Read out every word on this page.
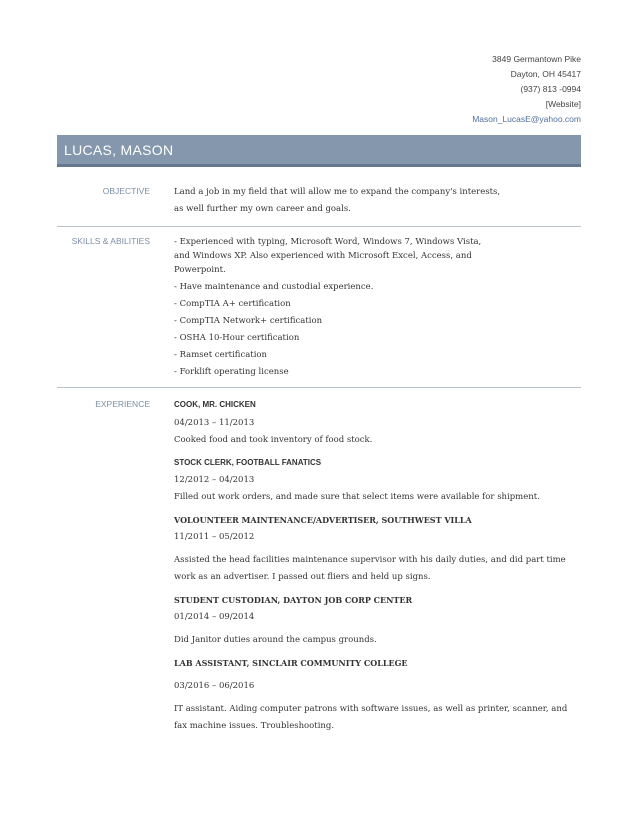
3849 Germantown Pike
Dayton, OH 45417
(937) 813 -0994
[Website]
Mason_LucasE@yahoo.com
LUCAS, MASON
OBJECTIVE	Land a job in my field that will allow me to expand the company's interests,

as well further my own career and goals.

SKILLS & ABILITIES	- Experienced with typing, Microsoft Word, Windows 7, Windows Vista,

and Windows XP. Also experienced with Microsoft Excel, Access, and

Powerpoint.

- Have maintenance and custodial experience.

- CompTIA A+ certification

- CompTIA Network+ certification

- OSHA 10-Hour certification

- Ramset certification

- Forklift operating license

EXPERIENCE	COOK, MR. CHICKEN

04/2013 – 11/2013

Cooked food and took inventory of food stock.

STOCK CLERK, FOOTBALL FANATICS

12/2012 – 04/2013

Filled out work orders, and made sure that select items were available for shipment.

VOLOUNTEER MAINTENANCE/ADVERTISER, SOUTHWEST VILLA

11/2011 – 05/2012

Assisted the head facilities maintenance supervisor with his daily duties, and did part time

work as an advertiser. I passed out fliers and held up signs.

STUDENT CUSTODIAN, DAYTON JOB CORP CENTER

01/2014 – 09/2014

Did Janitor duties around the campus grounds.

LAB ASSISTANT, SINCLAIR COMMUNITY COLLEGE

03/2016 – 06/2016

IT assistant. Aiding computer patrons with software issues, as well as printer, scanner, and

fax machine issues. Troubleshooting.
